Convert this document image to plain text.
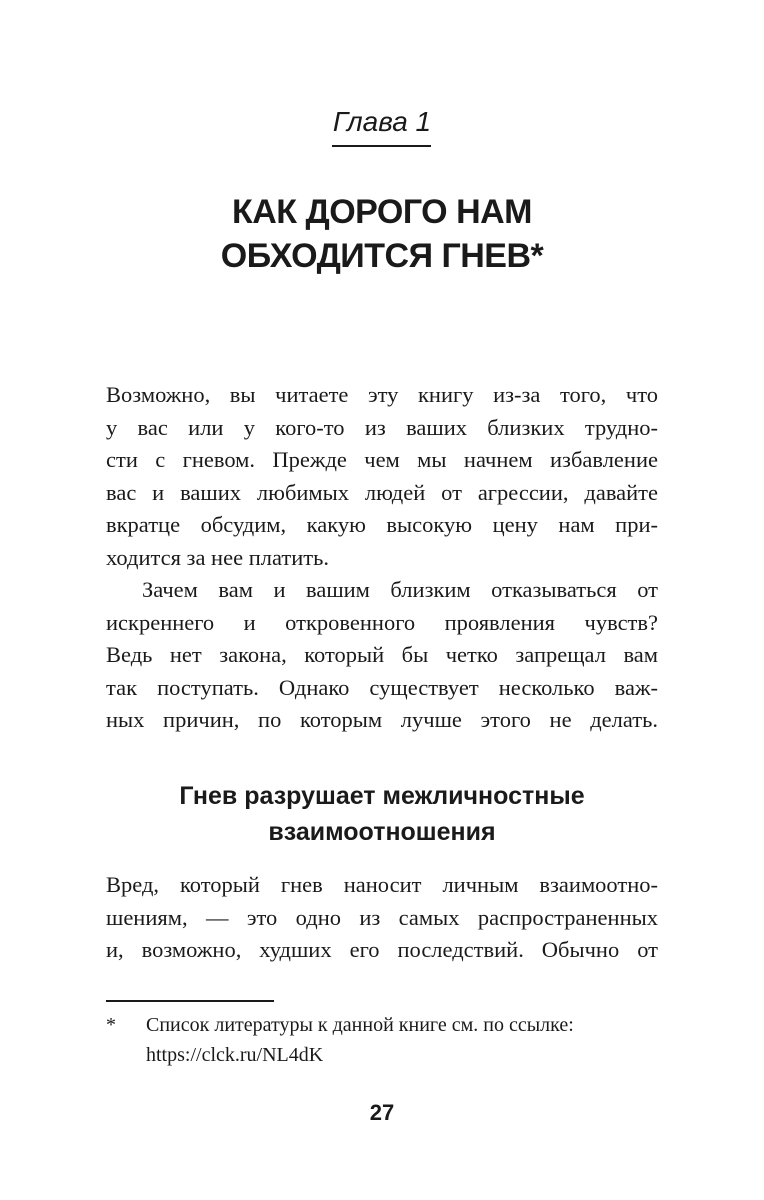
Глава 1
КАК ДОРОГО НАМ
ОБХОДИТСЯ ГНЕВ*
Возможно, вы читаете эту книгу из-за того, что
у вас или у кого-то из ваших близких трудно-
сти с гневом. Прежде чем мы начнем избавление
вас и ваших любимых людей от агрессии, давайте
вкратце обсудим, какую высокую цену нам при-
ходится за нее платить.
Зачем вам и вашим близким отказываться от
искреннего и откровенного проявления чувств?
Ведь нет закона, который бы четко запрещал вам
так поступать. Однако существует несколько важ-
ных причин, по которым лучше этого не делать.
Гнев разрушает межличностные
взаимоотношения
Вред, который гнев наносит личным взаимоотно-
шениям, — это одно из самых распространенных
и, возможно, худших его последствий. Обычно от
* Список литературы к данной книге см. по ссылке:
https://clck.ru/NL4dK
27
